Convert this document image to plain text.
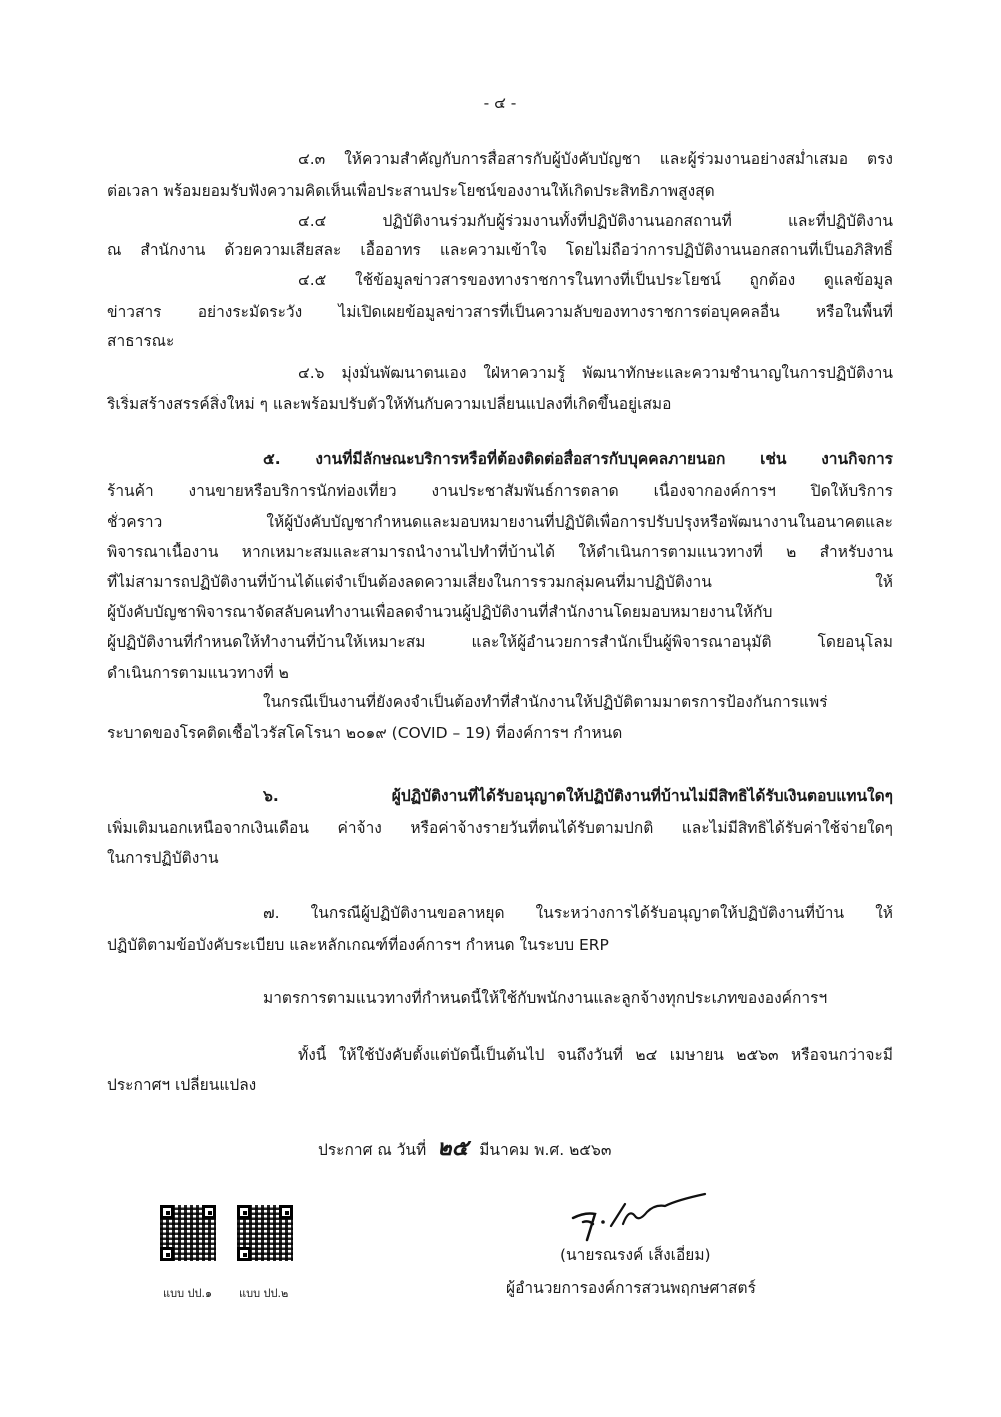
- ๔ -
๔.๓ ให้ความสำคัญกับการสื่อสารกับผู้บังคับบัญชา และผู้ร่วมงานอย่างสม่ำเสมอ ตรง
ต่อเวลา พร้อมยอมรับฟังความคิดเห็นเพื่อประสานประโยชน์ของงานให้เกิดประสิทธิภาพสูงสุด
๔.๔ ปฏิบัติงานร่วมกับผู้ร่วมงานทั้งที่ปฏิบัติงานนอกสถานที่ และที่ปฏิบัติงาน
ณ สำนักงาน ด้วยความเสียสละ เอื้ออาทร และความเข้าใจ โดยไม่ถือว่าการปฏิบัติงานนอกสถานที่เป็นอภิสิทธิ์
๔.๕ ใช้ข้อมูลข่าวสารของทางราชการในทางที่เป็นประโยชน์ ถูกต้อง ดูแลข้อมูล
ข่าวสาร อย่างระมัดระวัง ไม่เปิดเผยข้อมูลข่าวสารที่เป็นความลับของทางราชการต่อบุคคลอื่น หรือในพื้นที่
สาธารณะ
๔.๖ มุ่งมั่นพัฒนาตนเอง ใฝ่หาความรู้ พัฒนาทักษะและความชำนาญในการปฏิบัติงาน
ริเริ่มสร้างสรรค์สิ่งใหม่ ๆ และพร้อมปรับตัวให้ทันกับความเปลี่ยนแปลงที่เกิดขึ้นอยู่เสมอ
๕. งานที่มีลักษณะบริการหรือที่ต้องติดต่อสื่อสารกับบุคคลภายนอก เช่น งานกิจการ
ร้านค้า งานขายหรือบริการนักท่องเที่ยว งานประชาสัมพันธ์การตลาด เนื่องจากองค์การฯ ปิดให้บริการ
ชั่วคราว ให้ผู้บังคับบัญชากำหนดและมอบหมายงานที่ปฏิบัติเพื่อการปรับปรุงหรือพัฒนางานในอนาคตและ
พิจารณาเนื้องาน หากเหมาะสมและสามารถนำงานไปทำที่บ้านได้ ให้ดำเนินการตามแนวทางที่ ๒ สำหรับงาน
ที่ไม่สามารถปฏิบัติงานที่บ้านได้แต่จำเป็นต้องลดความเสี่ยงในการรวมกลุ่มคนที่มาปฏิบัติงาน ให้
ผู้บังคับบัญชาพิจารณาจัดสลับคนทำงานเพื่อลดจำนวนผู้ปฏิบัติงานที่สำนักงานโดยมอบหมายงานให้กับ
ผู้ปฏิบัติงานที่กำหนดให้ทำงานที่บ้านให้เหมาะสม และให้ผู้อำนวยการสำนักเป็นผู้พิจารณาอนุมัติ โดยอนุโลม
ดำเนินการตามแนวทางที่ ๒
ในกรณีเป็นงานที่ยังคงจำเป็นต้องทำที่สำนักงานให้ปฏิบัติตามมาตรการป้องกันการแพร่
ระบาดของโรคติดเชื้อไวรัสโคโรนา ๒๐๑๙ (COVID – 19) ที่องค์การฯ กำหนด
๖. ผู้ปฏิบัติงานที่ได้รับอนุญาตให้ปฏิบัติงานที่บ้านไม่มีสิทธิได้รับเงินตอบแทนใดๆ
เพิ่มเติมนอกเหนือจากเงินเดือน ค่าจ้าง หรือค่าจ้างรายวันที่ตนได้รับตามปกติ และไม่มีสิทธิได้รับค่าใช้จ่ายใดๆ
ในการปฏิบัติงาน
๗. ในกรณีผู้ปฏิบัติงานขอลาหยุด ในระหว่างการได้รับอนุญาตให้ปฏิบัติงานที่บ้าน ให้
ปฏิบัติตามข้อบังคับระเบียบ และหลักเกณฑ์ที่องค์การฯ กำหนด ในระบบ ERP
มาตรการตามแนวทางที่กำหนดนี้ให้ใช้กับพนักงานและลูกจ้างทุกประเภทขององค์การฯ
ทั้งนี้ ให้ใช้บังคับตั้งแต่บัดนี้เป็นต้นไป จนถึงวันที่ ๒๔ เมษายน ๒๕๖๓ หรือจนกว่าจะมี
ประกาศฯ เปลี่ยนแปลง
ประกาศ ณ วันที่ ๒๕ มีนาคม พ.ศ. ๒๕๖๓
(นายรณรงค์ เส็งเอี่ยม)
ผู้อำนวยการองค์การสวนพฤกษศาสตร์
แบบ ปป.๑ แบบ ปป.๒
